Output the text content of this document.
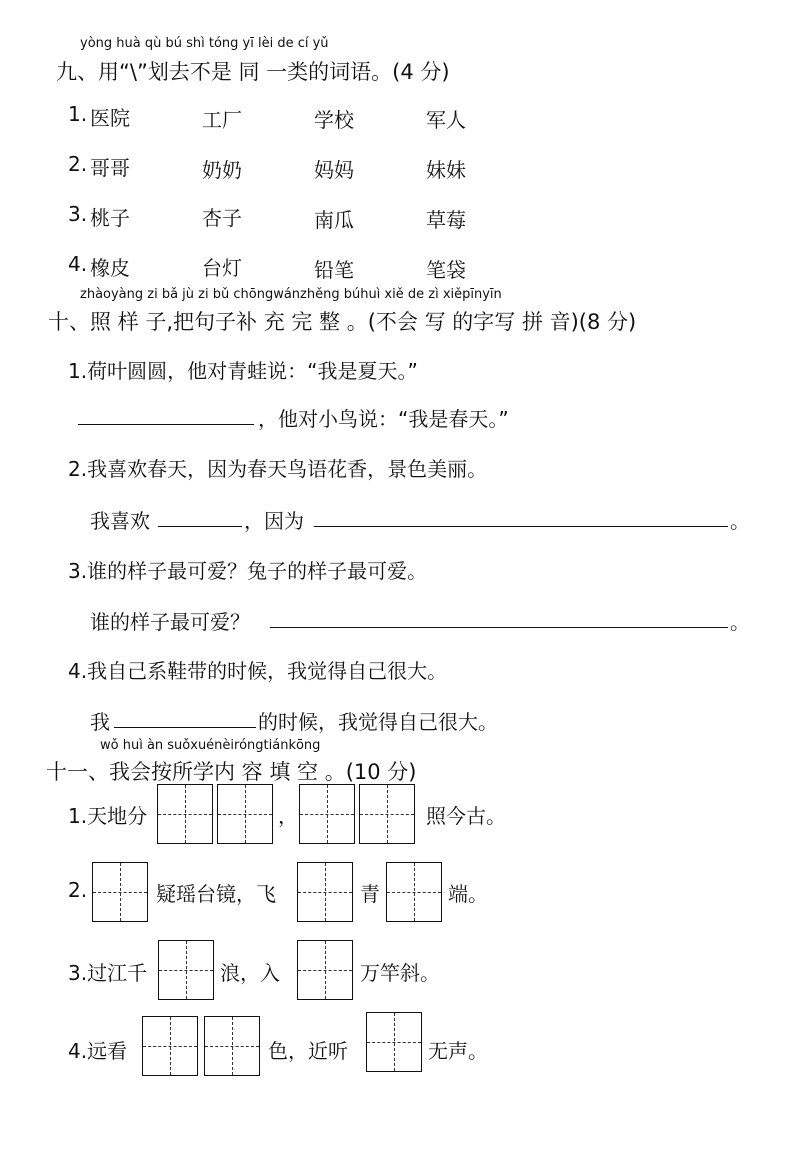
yòng huà qù bú shì tóng yī lèi de cí yǔ
九、用“\”划去不是 同 一类的词语。(4 分)
1. 医院	工厂	学校	军人
2. 哥哥	奶奶	妈妈	妹妹
3. 桃子	杏子	南瓜	草莓
4. 橡皮	台灯	铅笔	笔袋
zhàoyàng zi bǎ jù zi bǔ chōngwánzhěng búhuì xiě de zì xiěpīnyīn
十、照 样 子,把句子补 充 完 整 。(不会 写 的字写 拼 音)(8 分)
1.荷叶圆圆，他对青蛙说：“我是夏天。”
，他对小鸟说：“我是春天。”
2.我喜欢春天，因为春天鸟语花香，景色美丽。
我喜欢	，因为	。
3.谁的样子最可爱？兔子的样子最可爱。
谁的样子最可爱？	。
4.我自己系鞋带的时候，我觉得自己很大。
我	的时候，我觉得自己很大。
wǒ huì àn suǒxuénèiróngtiánkōng
十一、我会按所学内 容 填 空 。(10 分)
1.天地分	，	照今古。
2.	疑瑶台镜，飞	青	端。
3.过江千	浪，入	万竿斜。
4.远看	色，近听	无声。
